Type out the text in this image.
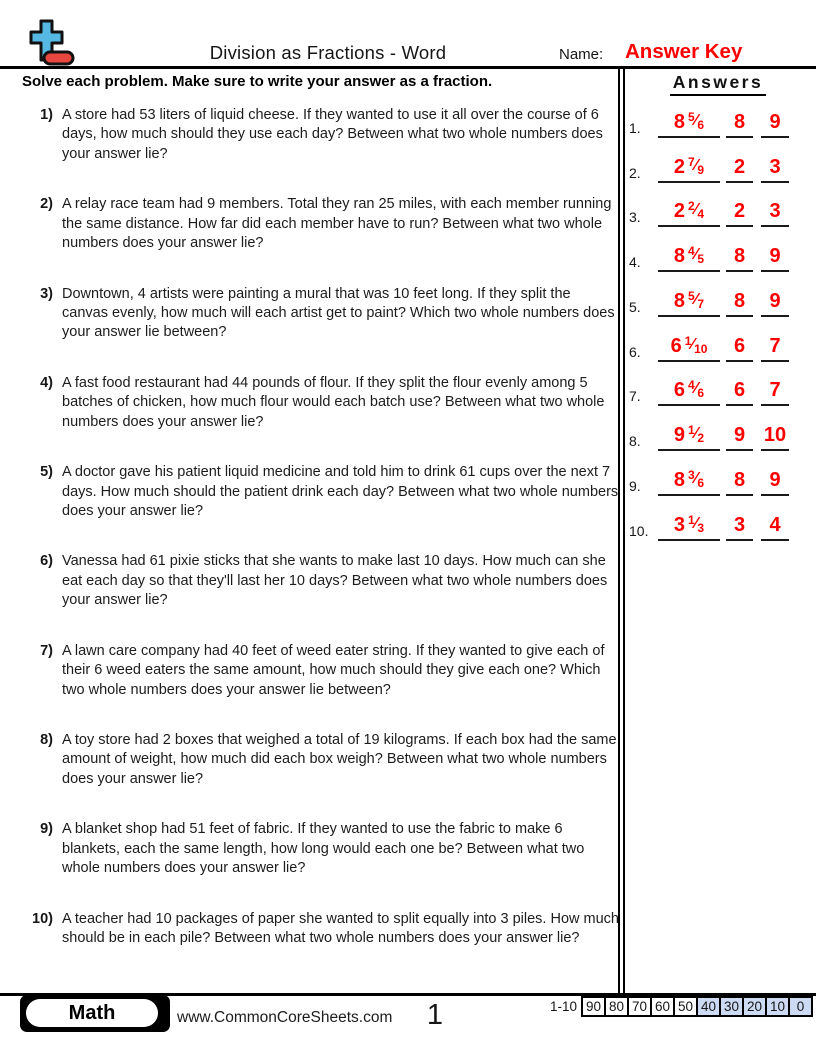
Division as Fractions - Word	Name: Answer Key
Solve each problem. Make sure to write your answer as a fraction.	Answers
1) A store had 53 liters of liquid cheese. If they wanted to use it all over the course of 6 days, how much should they use each day? Between what two whole numbers does your answer lie?
2) A relay race team had 9 members. Total they ran 25 miles, with each member running the same distance. How far did each member have to run? Between what two whole numbers does your answer lie?
3) Downtown, 4 artists were painting a mural that was 10 feet long. If they split the canvas evenly, how much will each artist get to paint? Which two whole numbers does your answer lie between?
4) A fast food restaurant had 44 pounds of flour. If they split the flour evenly among 5 batches of chicken, how much flour would each batch use? Between what two whole numbers does your answer lie?
5) A doctor gave his patient liquid medicine and told him to drink 61 cups over the next 7 days. How much should the patient drink each day? Between what two whole numbers does your answer lie?
6) Vanessa had 61 pixie sticks that she wants to make last 10 days. How much can she eat each day so that they'll last her 10 days? Between what two whole numbers does your answer lie?
7) A lawn care company had 40 feet of weed eater string. If they wanted to give each of their 6 weed eaters the same amount, how much should they give each one? Which two whole numbers does your answer lie between?
8) A toy store had 2 boxes that weighed a total of 19 kilograms. If each box had the same amount of weight, how much did each box weigh? Between what two whole numbers does your answer lie?
9) A blanket shop had 51 feet of fabric. If they wanted to use the fabric to make 6 blankets, each the same length, how long would each one be? Between what two whole numbers does your answer lie?
10) A teacher had 10 packages of paper she wanted to split equally into 3 piles. How much should be in each pile? Between what two whole numbers does your answer lie?
1. 8 $^5$⁄6 8 9
2. 2 $^7$⁄9 2 3
3. 2 $^2$⁄4 2 3
4. 8 $^4$⁄5 8 9
5. 8 $^5$⁄7 8 9
6. 6 $^1$⁄10 6 7
7. 6 $^4$⁄6 6 7
8. 9 $^1$⁄2 9 10
9. 8 $^3$⁄6 8 9
10. 3 $^1$⁄3 3 4
Math	www.CommonCoreSheets.com	1	1-10 90 80 70 60 50 40 30 20 10 0
